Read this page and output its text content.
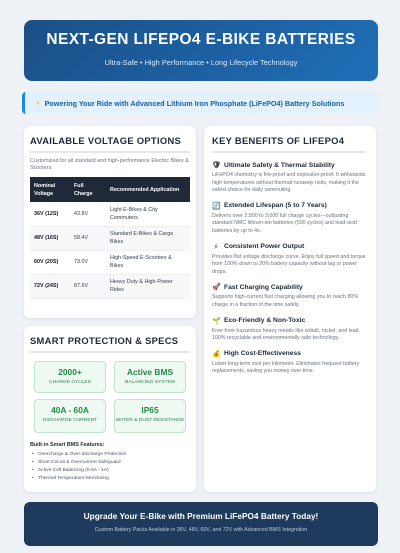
NEXT-GEN LIFEPO4 E-BIKE BATTERIES

Ultra-Safe • High Performance • Long Lifecycle Technology

⚡ Powering Your Ride with Advanced Lithium Iron Phosphate (LiFePO4) Battery Solutions
AVAILABLE VOLTAGE OPTIONS
Customized for all standard and high-performance Electric Bikes & Scooters.
Nominal Voltage	Full Charge	Recommended Application
36V (12S)	43.8V	Light E-Bikes & City Commuters
48V (16S)	58.4V	Standard E-Bikes & Cargo Bikes
60V (20S)	73.0V	High-Speed E-Scooters & Bikes
72V (24S)	87.6V	Heavy Duty & High-Power Rides
SMART PROTECTION & SPECS
2000+
CHARGE CYCLES
Active BMS
BALANCING SYSTEM
40A - 60A
DISCHARGE CURRENT
IP65
WATER & DUST RESISTANCE
Built-in Smart BMS Features:
• Overcharge & Over-discharge Protection
• Short Circuit & Overcurrent Safeguard
• Active Cell Balancing (0.6A - 1A)
• Thermal Temperature Monitoring
KEY BENEFITS OF LIFEPO4
🛡 Ultimate Safety & Thermal Stability
LiFePO4 chemistry is fire-proof and explosion-proof. It withstands high temperatures without thermal runaway risks, making it the safest choice for daily commuting.
🔄 Extended Lifespan (5 to 7 Years)
Delivers over 2,500 to 3,000 full charge cycles—outlasting standard NMC lithium-ion batteries (500 cycles) and lead-acid batteries by up to 4x.
⚡ Consistent Power Output
Provides flat voltage discharge curve. Enjoy full speed and torque from 100% down to 20% battery capacity without lag or power drops.
🚀 Fast Charging Capability
Supports high-current fast charging allowing you to reach 80% charge in a fraction of the time safely.
🌱 Eco-Friendly & Non-Toxic
Free from hazardous heavy metals like cobalt, nickel, and lead. 100% recyclable and environmentally safe technology.
💰 High Cost-Effectiveness
Lower long-term cost per kilometer. Eliminates frequent battery replacements, saving you money over time.
Upgrade Your E-Bike with Premium LiFePO4 Battery Today!
Custom Battery Packs Available in 36V, 48V, 60V, and 72V with Advanced BMS Integration
